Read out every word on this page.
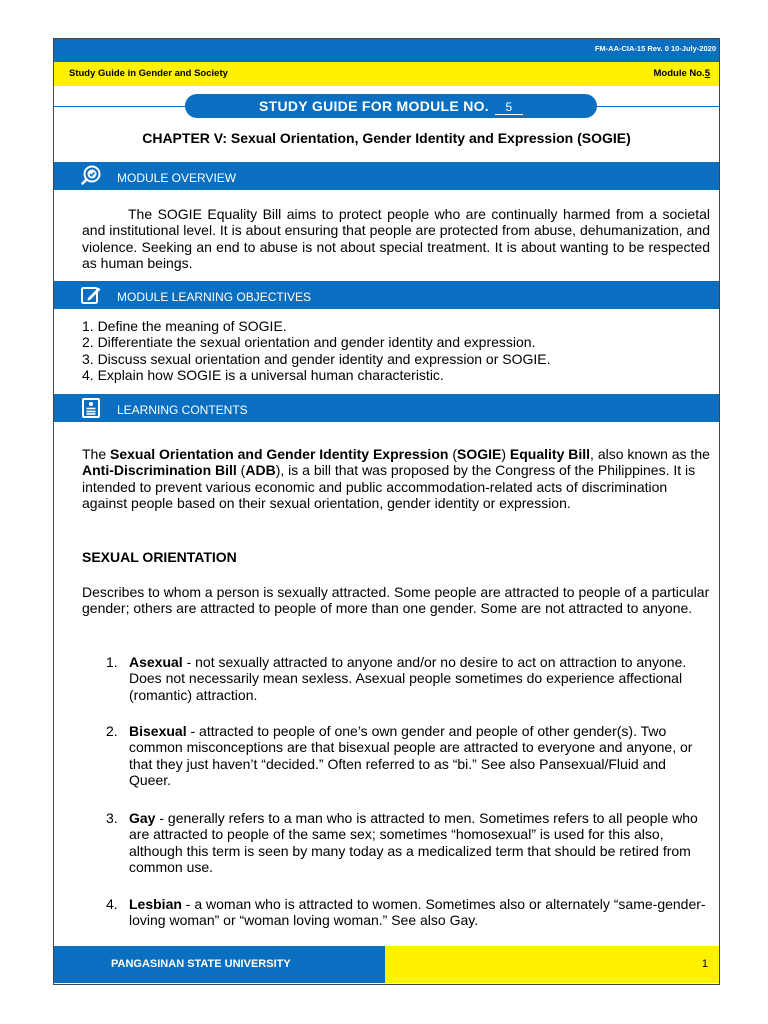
FM-AA-CIA-15 Rev. 0 10-July-2020
Study Guide in Gender and Society	Module No.5
STUDY GUIDE FOR MODULE NO. 5
CHAPTER V: Sexual Orientation, Gender Identity and Expression (SOGIE)
MODULE OVERVIEW
The SOGIE Equality Bill aims to protect people who are continually harmed from a societal and institutional level. It is about ensuring that people are protected from abuse, dehumanization, and violence. Seeking an end to abuse is not about special treatment. It is about wanting to be respected as human beings.
MODULE LEARNING OBJECTIVES
1. Define the meaning of SOGIE.
2. Differentiate the sexual orientation and gender identity and expression.
3. Discuss sexual orientation and gender identity and expression or SOGIE.
4. Explain how SOGIE is a universal human characteristic.
LEARNING CONTENTS
The Sexual Orientation and Gender Identity Expression (SOGIE) Equality Bill, also known as the Anti-Discrimination Bill (ADB), is a bill that was proposed by the Congress of the Philippines. It is intended to prevent various economic and public accommodation-related acts of discrimination against people based on their sexual orientation, gender identity or expression.
SEXUAL ORIENTATION
Describes to whom a person is sexually attracted. Some people are attracted to people of a particular gender; others are attracted to people of more than one gender. Some are not attracted to anyone.
1. Asexual - not sexually attracted to anyone and/or no desire to act on attraction to anyone. Does not necessarily mean sexless. Asexual people sometimes do experience affectional (romantic) attraction.
2. Bisexual - attracted to people of one’s own gender and people of other gender(s). Two common misconceptions are that bisexual people are attracted to everyone and anyone, or that they just haven’t “decided.” Often referred to as “bi.” See also Pansexual/Fluid and Queer.
3. Gay - generally refers to a man who is attracted to men. Sometimes refers to all people who are attracted to people of the same sex; sometimes “homosexual” is used for this also, although this term is seen by many today as a medicalized term that should be retired from common use.
4. Lesbian - a woman who is attracted to women. Sometimes also or alternately “same-gender-loving woman” or “woman loving woman.” See also Gay.
PANGASINAN STATE UNIVERSITY	1
